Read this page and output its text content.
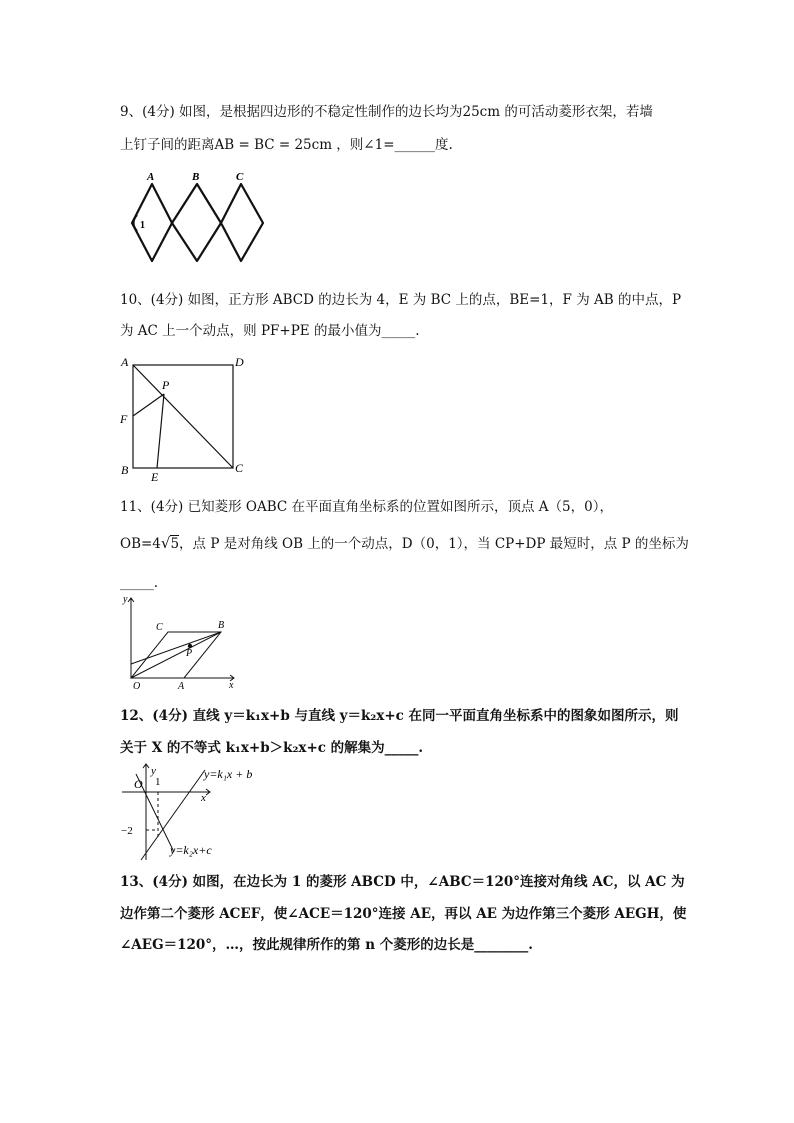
9、(4分) 如图，是根据四边形的不稳定性制作的边长均为25cm 的可活动菱形衣架，若墙
上钉子间的距离AB = BC = 25cm ，则∠1=______度.
A	B	C
1
10、(4分) 如图，正方形 ABCD 的边长为 4，E 为 BC 上的点，BE=1，F 为 AB 的中点，P
为 AC 上一个动点，则 PF+PE 的最小值为_____.
A	D
B	C
E
F
P
11、(4分) 已知菱形 OABC 在平面直角坐标系的位置如图所示，顶点 A（5，0），
OB=4√5，点 P 是对角线 OB 上的一个动点，D（0，1），当 CP+DP 最短时，点 P 的坐标为
_____.
y
x
O	A
B
C
P
12、(4分) 直线 y＝k₁x+b 与直线 y＝k₂x+c 在同一平面直角坐标系中的图象如图所示，则
关于 X 的不等式 k₁x+b＞k₂x+c 的解集为_____.
y
x
O 1
−2
y=k₁x + b
y=k₂x+c
13、(4分) 如图，在边长为 1 的菱形 ABCD 中，∠ABC＝120°连接对角线 AC，以 AC 为
边作第二个菱形 ACEF，使∠ACE＝120°连接 AE，再以 AE 为边作第三个菱形 AEGH，使
∠AEG＝120°，…，按此规律所作的第 n 个菱形的边长是________.
